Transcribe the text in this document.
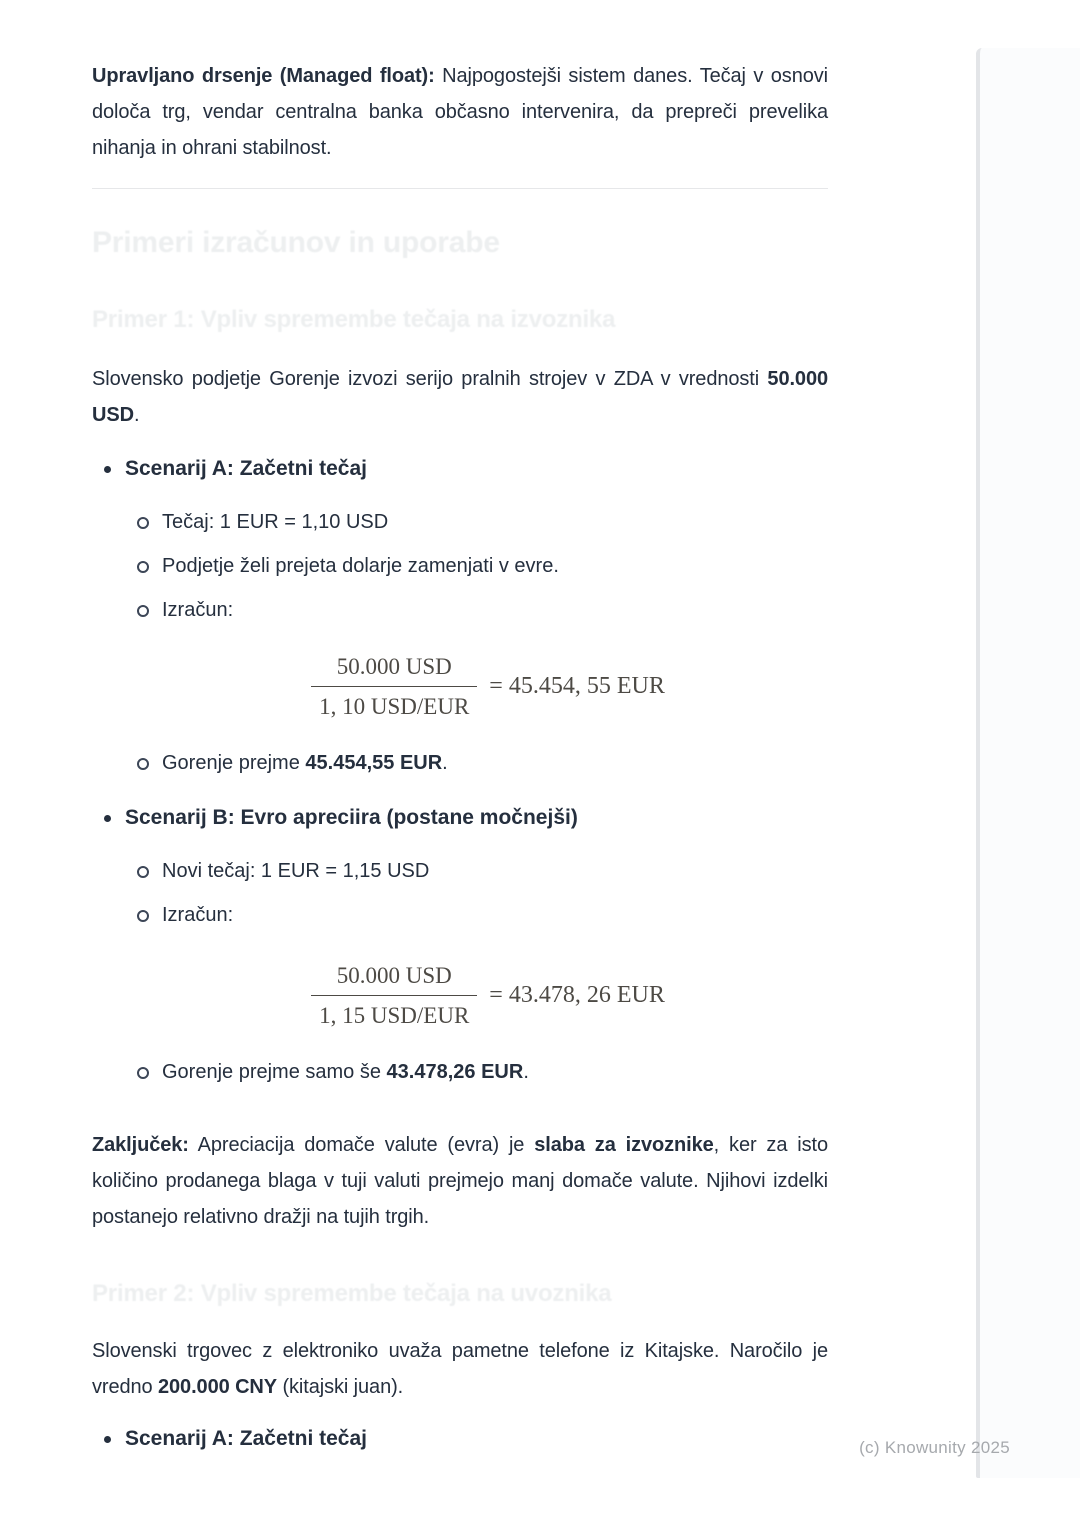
Upravljano drsenje (Managed float): Najpogostejši sistem danes. Tečaj v osnovi določa trg, vendar centralna banka občasno intervenira, da prepreči prevelika nihanja in ohrani stabilnost.

Primeri izračunov in uporabe
Primer 1: Vpliv spremembe tečaja na izvoznika

Slovensko podjetje Gorenje izvozi serijo pralnih strojev v ZDA v vrednosti 50.000 USD.

Scenarij A: Začetni tečaj
Tečaj: 1 EUR = 1,10 USD
Podjetje želi prejeta dolarje zamenjati v evre.
Izračun:
$\frac{\text{50.000 USD}}{\text{1, 10 USD/EUR}} = 45.454$, 55 EUR
Gorenje prejme 45.454,55 EUR.
Scenarij B: Evro apreciira (postane močnejši)
Novi tečaj: 1 EUR = 1,15 USD
Izračun:
$\frac{\text{50.000 USD}}{\text{1, 15 USD/EUR}} = 43.478$, 26 EUR
Gorenje prejme samo še 43.478,26 EUR.

Zaključek: Apreciacija domače valute (evra) je slaba za izvoznike, ker za isto količino prodanega blaga v tuji valuti prejmejo manj domače valute. Njihovi izdelki postanejo relativno dražji na tujih trgih.

Primer 2: Vpliv spremembe tečaja na uvoznika

Slovenski trgovec z elektroniko uvaža pametne telefone iz Kitajske. Naročilo je vredno 200.000 CNY (kitajski juan).

Scenarij A: Začetni tečaj	(c) Knowunity 2025
